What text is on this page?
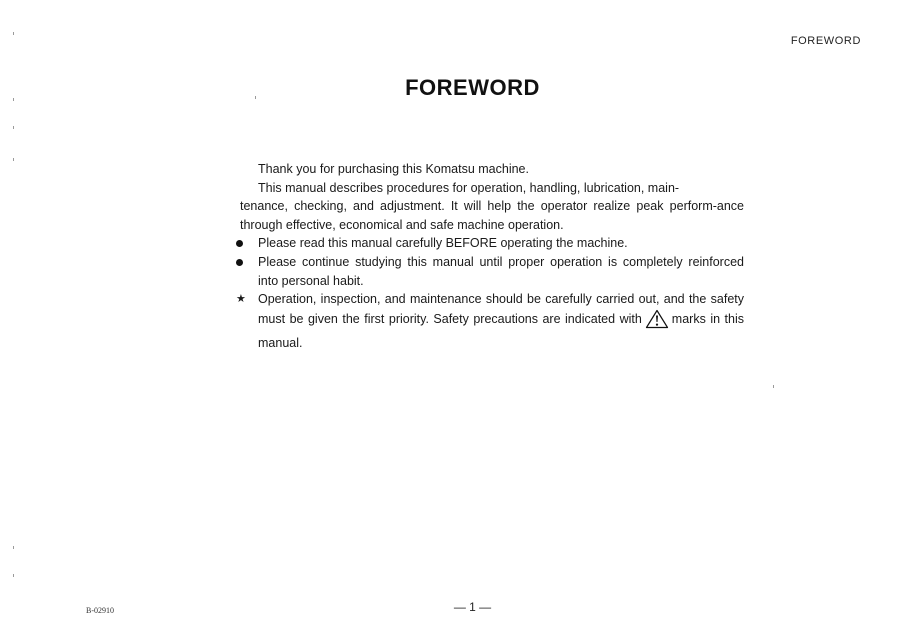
FOREWORD
FOREWORD

Thank you for purchasing this Komatsu machine.

This manual describes procedures for operation, handling, lubrication, main-

tenance, checking, and adjustment. It will help the operator realize peak perform-ance through effective, economical and safe machine operation.

Please read this manual carefully BEFORE operating the machine.
Please continue studying this manual until proper operation is completely reinforced into personal habit.
★ Operation, inspection, and maintenance should be carefully carried out, and the safety must be given the first priority. Safety precautions are indicated with marks in this manual.
B-02910	— 1 —
